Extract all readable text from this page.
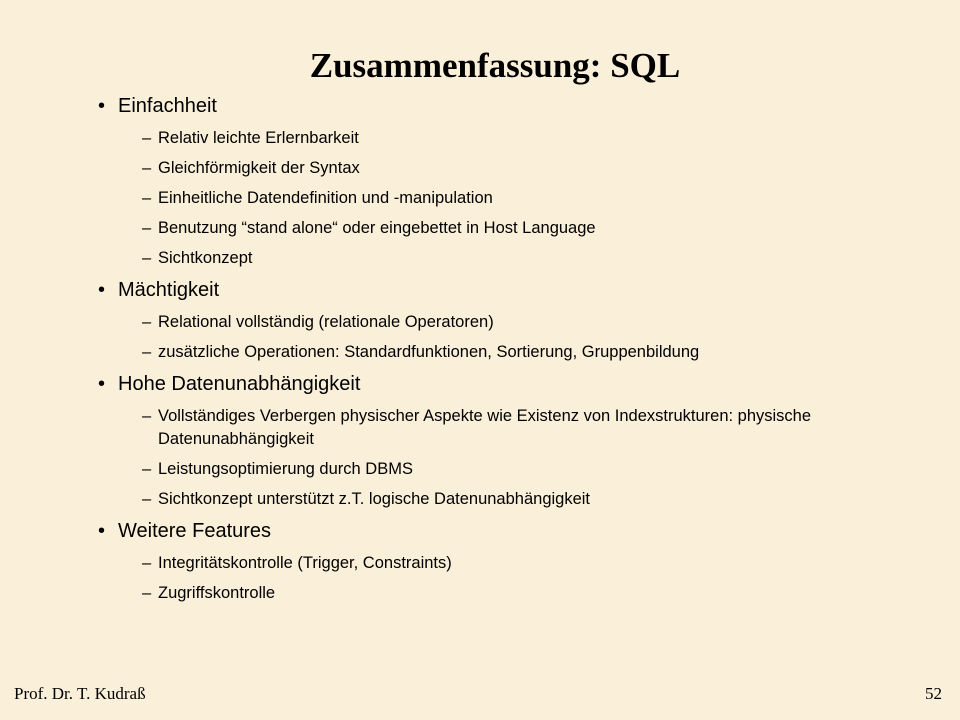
Zusammenfassung: SQL
• Einfachheit
– Relativ leichte Erlernbarkeit
– Gleichförmigkeit der Syntax
– Einheitliche Datendefinition und -manipulation
– Benutzung “stand alone“ oder eingebettet in Host Language
– Sichtkonzept
• Mächtigkeit
– Relational vollständig (relationale Operatoren)
– zusätzliche Operationen: Standardfunktionen, Sortierung, Gruppenbildung
• Hohe Datenunabhängigkeit
– Vollständiges Verbergen physischer Aspekte wie Existenz von Indexstrukturen: physische Datenunabhängigkeit
– Leistungsoptimierung durch DBMS
– Sichtkonzept unterstützt z.T. logische Datenunabhängigkeit
• Weitere Features
– Integritätskontrolle (Trigger, Constraints)
– Zugriffskontrolle
Prof. Dr. T. Kudraß	52
